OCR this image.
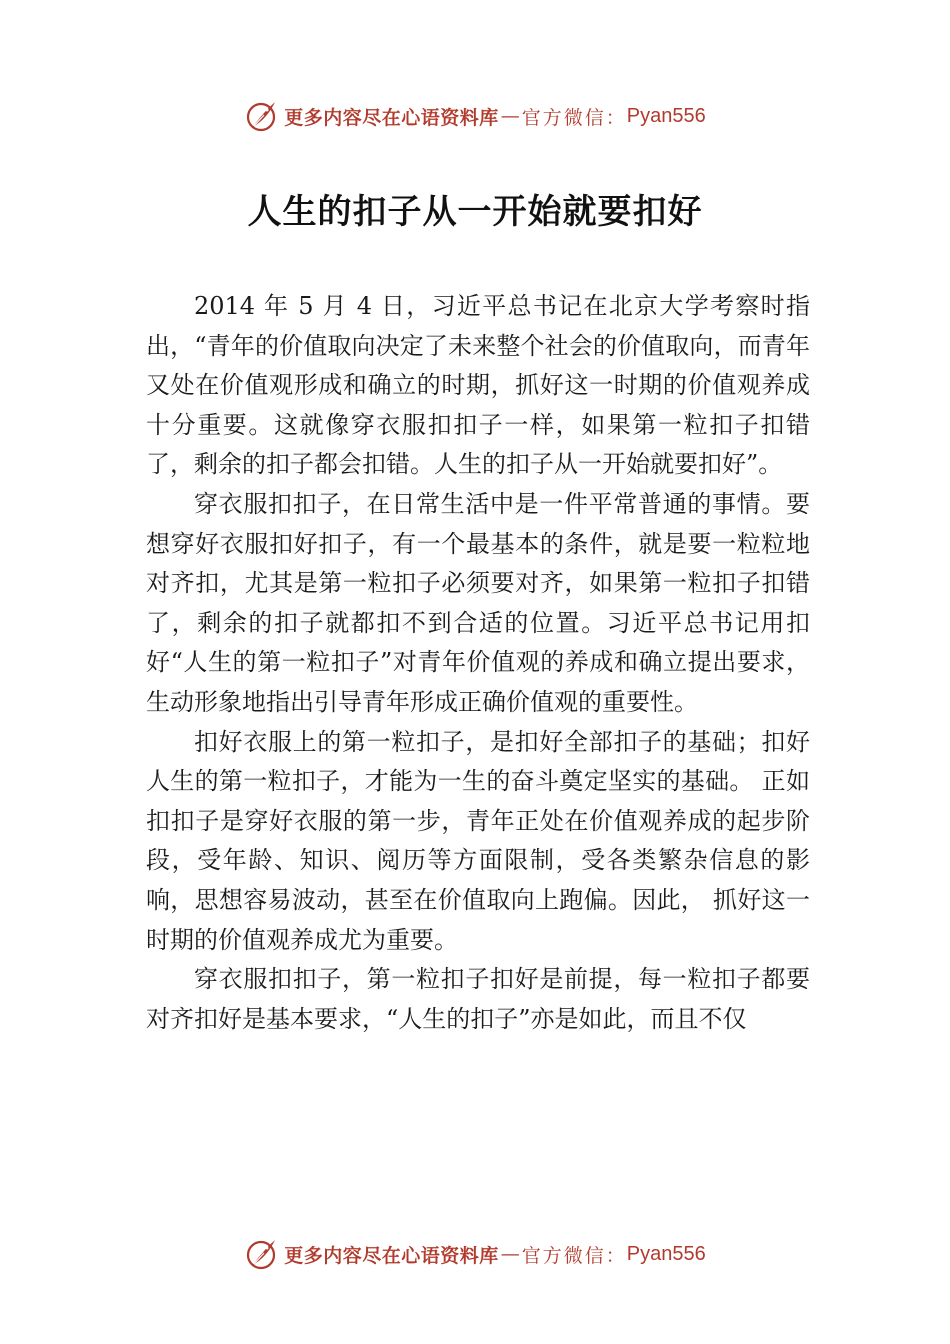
更多内容尽在心语资料库 — 官方微信： Pyan556
人生的扣子从一开始就要扣好

2014 年 5 月 4 日，习近平总书记在北京大学考察时指出，“青年的价值取向决定了未来整个社会的价值取向，而青年又处在价值观形成和确立的时期，抓好这一时期的价值观养成十分重要。这就像穿衣服扣扣子一样，如果第一粒扣子扣错了，剩余的扣子都会扣错。人生的扣子从一开始就要扣好”。

穿衣服扣扣子，在日常生活中是一件平常普通的事情。要想穿好衣服扣好扣子，有一个最基本的条件，就是要一粒粒地对齐扣，尤其是第一粒扣子必须要对齐，如果第一粒扣子扣错了，剩余的扣子就都扣不到合适的位置。习近平总书记用扣好“人生的第一粒扣子”对青年价值观的养成和确立提出要求，生动形象地指出引导青年形成正确价值观的重要性。

扣好衣服上的第一粒扣子，是扣好全部扣子的基础；扣好人生的第一粒扣子，才能为一生的奋斗奠定坚实的基础。 正如扣扣子是穿好衣服的第一步，青年正处在价值观养成的起步阶段，受年龄、知识、阅历等方面限制，受各类繁杂信息的影响，思想容易波动，甚至在价值取向上跑偏。因此， 抓好这一时期的价值观养成尤为重要。

穿衣服扣扣子，第一粒扣子扣好是前提，每一粒扣子都要对齐扣好是基本要求，“人生的扣子”亦是如此，而且不仅

更多内容尽在心语资料库 — 官方微信： Pyan556
